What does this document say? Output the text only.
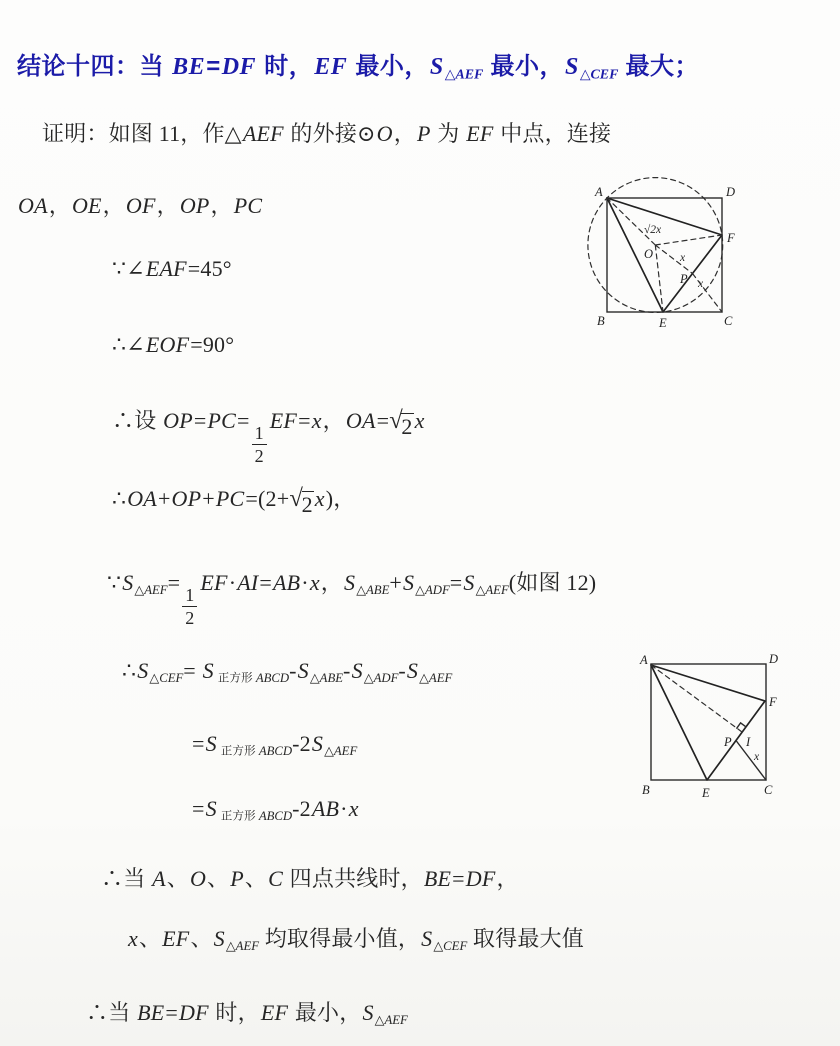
结论十四：当 BE=DF 时，EF 最小，S△AEF 最小，S△CEF 最大；
证明：如图 11，作△AEF 的外接⊙O，P 为 EF 中点，连接
OA，OE，OF，OP，PC
∵∠EAF=45°
∴∠EOF=90°
∴设 OP=PC=
$\frac{1}{2}$
EF=x，OA= √
2 x
∴OA+OP+PC=(2+ √
2 x)，
∵S△AEF=
$\frac{1}{2}$
EF·AI=AB·x，S△ABE+S△ADF=S△AEF(如图 12)
∴S△CEF= S 正方形 ABCD-S△ABE-S△ADF-S△AEF
=S 正方形 ABCD-2S△AEF
=S 正方形 ABCD-2AB·x
∴当 A、O、P、C 四点共线时，BE=DF，
x、EF、S△AEF 均取得最小值，S△CEF 取得最大值
∴当 BE=DF 时，EF 最小，S△AEF
A	D
B	E	C
F
O
P
√2x
x
x
A	D
B	E	C
F
P I
x
